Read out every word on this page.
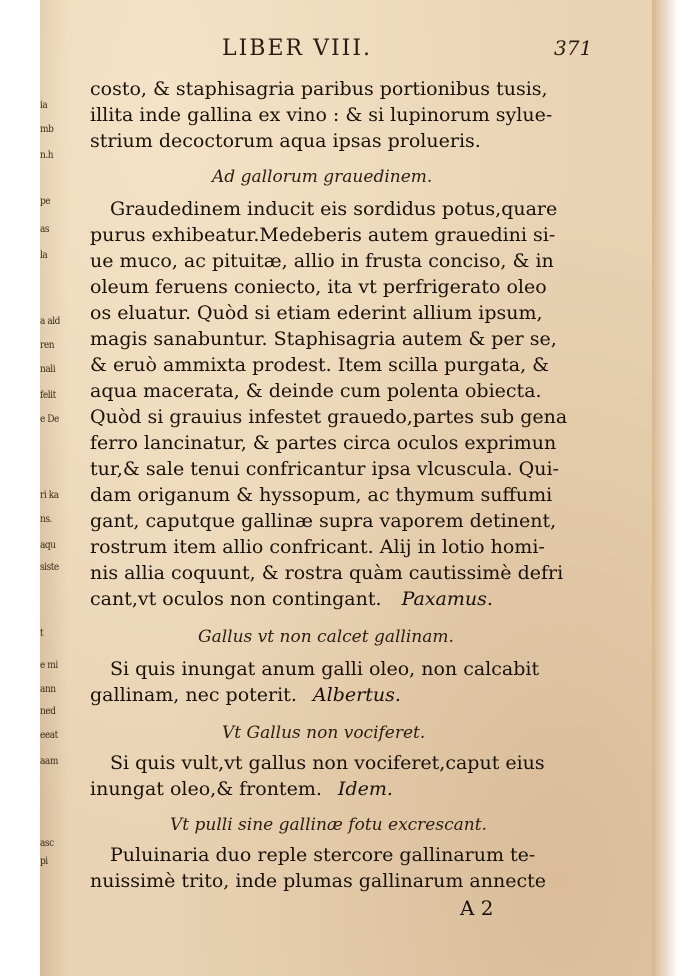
ia
mb
n.h
pe
as
la
a ald
ren
nali
felit
e De
ri ka
ns.
aqu
siste
t
e mi
ann
ned
eeat
aam
asc
pi
LIBER VIII.	371
costo, & staphisagria paribus portionibus tusis,
illita inde gallina ex vino : & si lupinorum sylue-
strium decoctorum aqua ipsas prolueris.
Ad gallorum grauedinem.
Graudedinem inducit eis sordidus potus,quare
purus exhibeatur.Medeberis autem grauedini si-
ue muco, ac pituitæ, allio in frusta conciso, & in
oleum feruens coniecto, ita vt perfrigerato oleo
os eluatur. Quòd si etiam ederint allium ipsum,
magis sanabuntur. Staphisagria autem & per se,
& eruò ammixta prodest. Item scilla purgata, &
aqua macerata, & deinde cum polenta obiecta.
Quòd si grauius infestet grauedo,partes sub gena
ferro lancinatur, & partes circa oculos exprimun
tur,& sale tenui confricantur ipsa vlcuscula. Qui-
dam origanum & hyssopum, ac thymum suffumi
gant, caputque gallinæ supra vaporem detinent,
rostrum item allio confricant. Alij in lotio homi-
nis allia coquunt, & rostra quàm cautissimè defri
cant,vt oculos non contingant. Paxamus.
Gallus vt non calcet gallinam.
Si quis inungat anum galli oleo, non calcabit
gallinam, nec poterit. Albertus.
Vt Gallus non vociferet.
Si quis vult,vt gallus non vociferet,caput eius
inungat oleo,& frontem. Idem.
Vt pulli sine gallinæ fotu excrescant.
Puluinaria duo reple stercore gallinarum te-
nuissimè trito, inde plumas gallinarum annecte
A 2
